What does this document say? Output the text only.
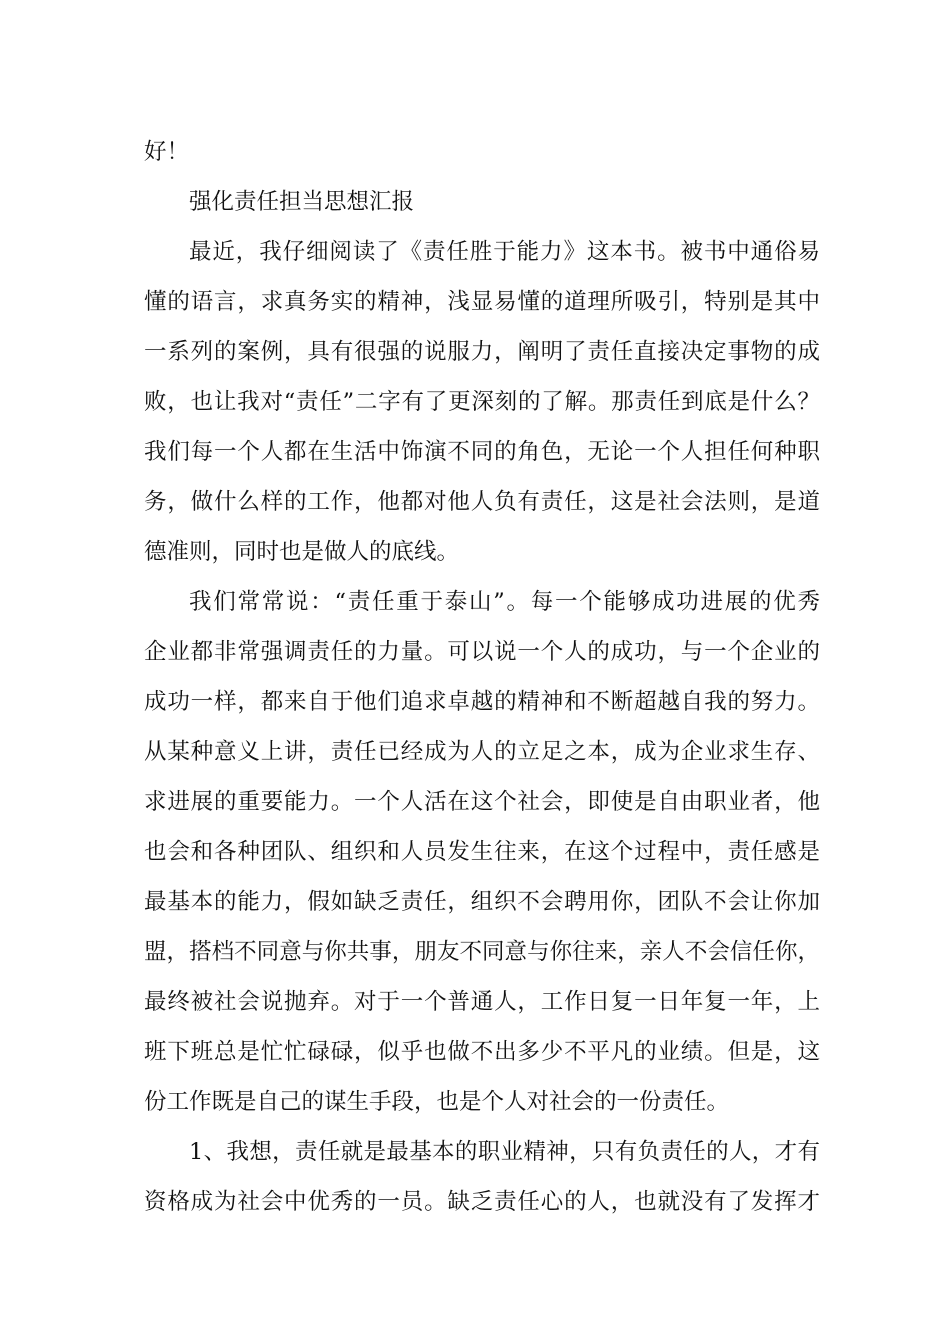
好！
强化责任担当思想汇报
最近，我仔细阅读了《责任胜于能力》这本书。被书中通俗易
懂的语言，求真务实的精神，浅显易懂的道理所吸引，特别是其中
一系列的案例，具有很强的说服力，阐明了责任直接决定事物的成
败，也让我对“责任”二字有了更深刻的了解。那责任到底是什么？
我们每一个人都在生活中饰演不同的角色，无论一个人担任何种职
务，做什么样的工作，他都对他人负有责任，这是社会法则，是道
德准则，同时也是做人的底线。
我们常常说：“责任重于泰山”。每一个能够成功进展的优秀
企业都非常强调责任的力量。可以说一个人的成功，与一个企业的
成功一样，都来自于他们追求卓越的精神和不断超越自我的努力。
从某种意义上讲，责任已经成为人的立足之本，成为企业求生存、
求进展的重要能力。一个人活在这个社会，即使是自由职业者，他
也会和各种团队、组织和人员发生往来，在这个过程中，责任感是
最基本的能力，假如缺乏责任，组织不会聘用你，团队不会让你加
盟，搭档不同意与你共事，朋友不同意与你往来，亲人不会信任你，
最终被社会说抛弃。对于一个普通人，工作日复一日年复一年，上
班下班总是忙忙碌碌，似乎也做不出多少不平凡的业绩。但是，这
份工作既是自己的谋生手段，也是个人对社会的一份责任。
1、我想，责任就是最基本的职业精神，只有负责任的人，才有
资格成为社会中优秀的一员。缺乏责任心的人，也就没有了发挥才
